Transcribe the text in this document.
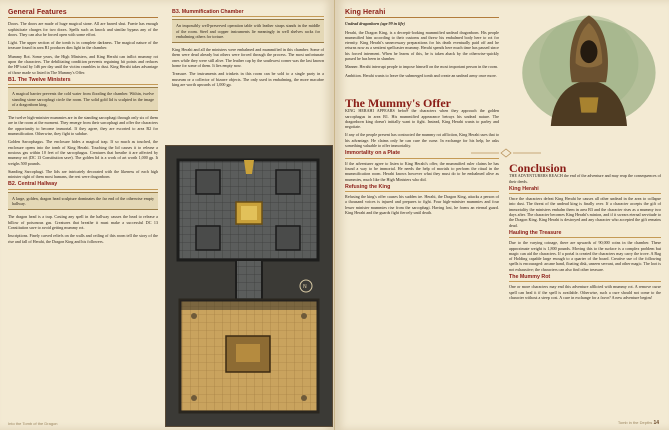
General Features

Doors. The doors are made of huge magical stone. All are barred shut. Faerie has enough sophisticate charges for two doors. Spells such as knock and similar bypass any of the doors. They can also be forced open with some effort.

Light. The upper section of the tomb is in complete darkness. The magical nature of the treasure found in area B1 produces dim light in the chamber.

Mummy Rot. Some years, the High Ministers, and King Herahi can inflict mummy rot upon the characters. The debilitating condition prevents regaining hit points and reduces the HP total by 1d6 per day until the victim crumbles to dust. King Herahi takes advantage of those made so listed in The Mummy's Offer.

B1. The Twelve Ministers

A magical barrier prevents the cold water from flooding the chamber. Within, twelve standing stone sarcophagi circle the room. The solid gold lid is sculpted in the image of a dragonborn king.

The twelve high-minister mummies are in the standing sarcophagi through only six of them are in the room at the moment. They emerge from their sarcophagi and offer the characters the opportunity to become immortal. If they agree, they are escorted to area B2 for mummification. Otherwise, they fight to subdue.

Golden Sarcophagus. The enclosure hides a magical trap. If so much as touched, the enclosure opens into the tomb of King Herahi. Touching the lid causes it to release a noxious gas within 10 feet of the sarcophagus. Creatures that breathe it are affected by mummy rot (DC 13 Constitution save). The golden lid is a work of art worth 1,000 gp. It weighs 500 pounds.

Standing Sarcophagi. The lids are intricately decorated with the likeness of each high minister right of them most humans, the rest were dragonborn.

B2. Central Hallway

A large, golden, dragon head sculpture dominates the far end of the otherwise empty hallway.

The dragon head is a trap. Casting any spell in the hallway causes the head to release a billow of poisonous gas. Creatures that breathe it must make a successful DC 13 Constitution save to avoid getting mummy rot.

Inscriptions. Finely carved reliefs on the walls and ceiling of this room tell the story of the rise and fall of Herahi, the Dragon King and his followers.

B3. Mummification Chamber

An impossibly well-preserved operation table with leather straps stands in the middle of the room. Steel and copper instruments lie meaningly in well shelves racks for embalming others for torture.

King Herahi and all the ministers were embalmed and mummified in this chamber. Some of them were dead already but others were forced through the process. The most unfortunate ones while they were still alive. The leather cap by the southwest corner was the last known home for some of them. It lies empty now.

Treasure. The instruments and trinkets in this room can be sold to a single party in a museum or a collector of bizarre objects. The only used in embalming, the more macabre king are worth upwards of 1,000 gp.

N
Into the Tomb of the Dragon
King Herahi

Undead dragonborn (age 99 in life)

Herahi, the Dragon King, is a decrepit-looking mummified undead dragonborn. His people mummified him according to their customs and threw his embalmed body here to rot for eternity. King Herahi's unnecessary preparations for his death eventually paid off and he returns now as a sentient spellcaster mummy. Herahi spends here much time has passed since his forced interment. When he learns of this, he is taken aback by the otherwise-quickly passed he has been in slumber.

Manner. Herahi interrupt people to impose himself on the most important person in the room.

Ambition. Herahi wants to leave the submerged tomb and create an undead army once more.

The Mummy's Offer

KING HERAHI APPEARS before the characters when they approach the golden sarcophagus in area B1. His mummified appearance betrays his undead nature. The dragonborn king doesn't initially want to fight. Instead, King Herahi wants to parley and negotiate.

If any of the people present has contracted the mummy rot affliction, King Herahi uses that to his advantage. He claims only he can cure the curse. In exchange for his help, he asks something valuable to offer immortality.

Immortality on a Plate

If the adventurer agree to listen to King Herahi's offer, the mummified ruler claims he has found a way to be immortal. He needs the help of mortals to perform the ritual in the mummification room. Herahi knows however what they must do to be embalmed alive as mummies, much like the High Ministers who did.

Refusing the King

Refusing the king's offer causes his sudden ire. Herahi, the Dragon King, attacks a person of a thousand voices is injured and prepares to fight. Four high-minister mummies and four lesser minister mummies rise from the sarcophagi. Having lost, he forms an eternal guard. King Herahi and the guards fight fiercely until death.

Conclusion

THE ADVENTURERS REACH the end of the adventure and may reap the consequences of their deeds.

King Herahi

Once the characters defeat King Herahi he causes all other undead in the area to collapse into dust. The threat of the undead king is finally over. If a character accepts the gift of immortality the ministers embalm them in area B3 and the character rises as a mummy two days after. The character becomes King Herahi's minion, and if it swears eternal servitude to the Dragon King. King Herahi is destroyed and any character who accepted the gift remains dead.

Hauling the Treasure

Due to the varying coinage, there are upwards of 90,000 coins in the chamber. These approximate weight is 1,800 pounds. Moving this to the surface is a complex problem but magic can aid the characters. If a portal is created the characters may carry the trove. A Bag of Holding capable large enough to a quarter of the board. Creative use of the following spells is encouraged: arcane hand, floating disk, unseen servant, and other magic. The loot is not exhaustive; the characters can also find other treasure.

The Mummy Rot

One or more characters may end this adventure afflicted with mummy rot. A remove curse spell can heal it if the spell is available. Otherwise, such a cure should not come to the character without a steep cost. A cure in exchange for a favor? A new adventure begins!

Tomb in the Depths 14
